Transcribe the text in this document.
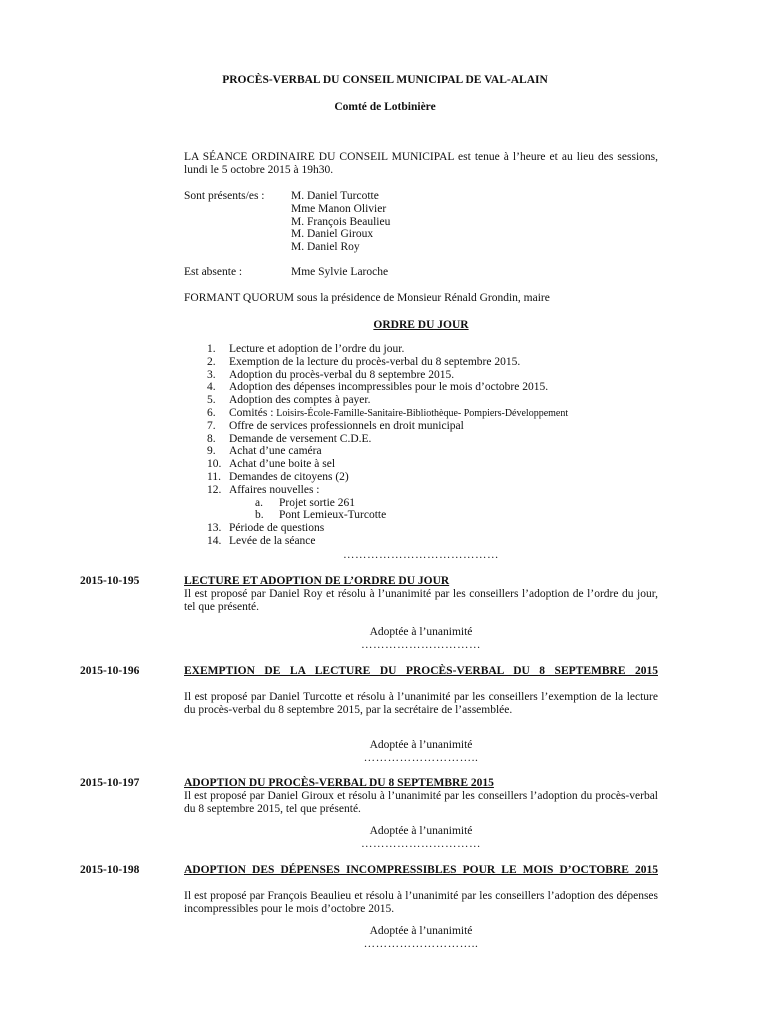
PROCÈS-VERBAL DU CONSEIL MUNICIPAL DE VAL-ALAIN
Comté de Lotbinière
LA SÉANCE ORDINAIRE DU CONSEIL MUNICIPAL est tenue à l’heure et au lieu des sessions, lundi le 5 octobre 2015 à 19h30.
Sont présents/es : M. Daniel Turcotte
Mme Manon Olivier
M. François Beaulieu
M. Daniel Giroux
M. Daniel Roy
Est absente :	Mme Sylvie Laroche
FORMANT QUORUM sous la présidence de Monsieur Rénald Grondin, maire
ORDRE DU JOUR
1.	Lecture et adoption de l’ordre du jour.
2.	Exemption de la lecture du procès-verbal du 8 septembre 2015.
3.	Adoption du procès-verbal du 8 septembre 2015.
4.	Adoption des dépenses incompressibles pour le mois d’octobre 2015.
5.	Adoption des comptes à payer.
6.	Comités : Loisirs-École-Famille-Sanitaire-Bibliothèque- Pompiers-Développement
7.	Offre de services professionnels en droit municipal
8.	Demande de versement C.D.E.
9.	Achat d’une caméra
10. Achat d’une boite à sel
11. Demandes de citoyens (2)
12. Affaires nouvelles :
a.	Projet sortie 261
b.	Pont Lemieux-Turcotte
13. Période de questions
14. Levée de la séance
…………………………………
2015-10-195	LECTURE ET ADOPTION DE L’ORDRE DU JOUR
Il est proposé par Daniel Roy et résolu à l’unanimité par les conseillers l’adoption de l’ordre du jour, tel que présenté.
Adoptée à l’unanimité
…………………………
2015-10-196	EXEMPTION DE LA LECTURE DU PROCÈS-VERBAL DU 8 SEPTEMBRE 2015
Il est proposé par Daniel Turcotte et résolu à l’unanimité par les conseillers l’exemption de la lecture du procès-verbal du 8 septembre 2015, par la secrétaire de l’assemblée.
Adoptée à l’unanimité
………………………..
2015-10-197	ADOPTION DU PROCÈS-VERBAL DU 8 SEPTEMBRE 2015
Il est proposé par Daniel Giroux et résolu à l’unanimité par les conseillers l’adoption du procès-verbal du 8 septembre 2015, tel que présenté.
Adoptée à l’unanimité
…………………………
2015-10-198	ADOPTION DES DÉPENSES INCOMPRESSIBLES POUR LE MOIS D’OCTOBRE 2015
Il est proposé par François Beaulieu et résolu à l’unanimité par les conseillers l’adoption des dépenses incompressibles pour le mois d’octobre 2015.
Adoptée à l’unanimité
………………………..
